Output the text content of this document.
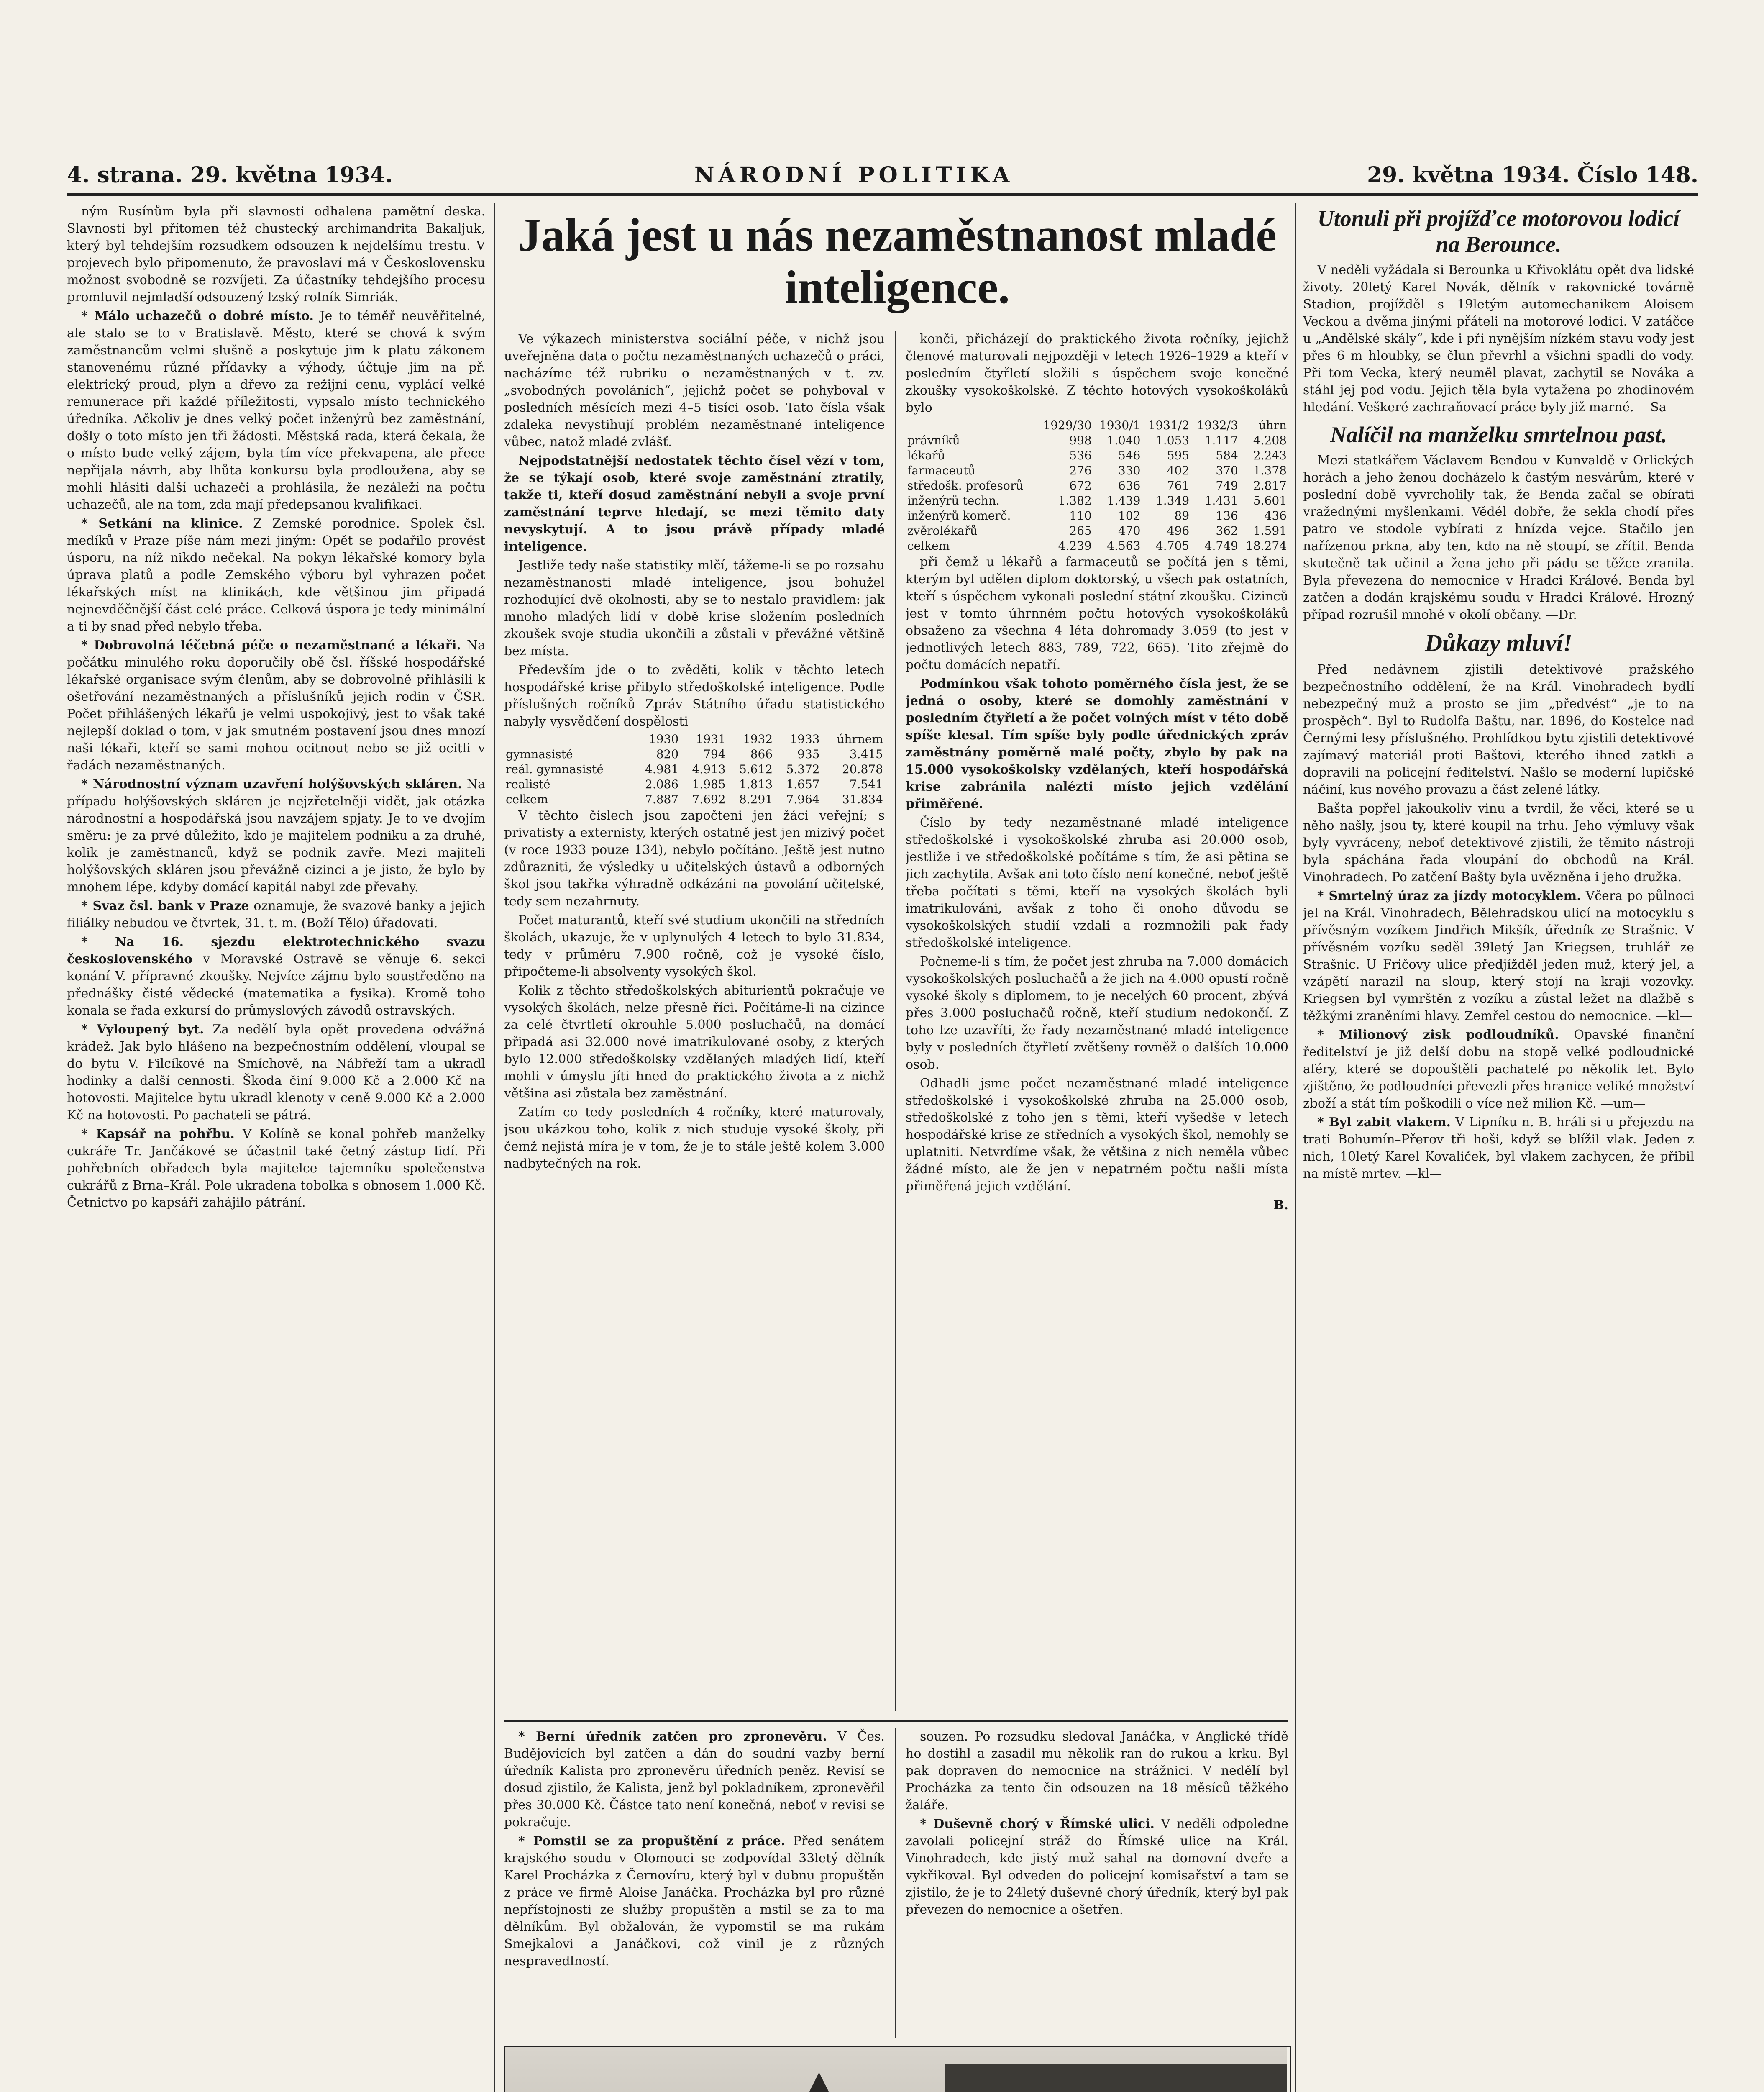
4. strana. 29. května 1934.	NÁRODNÍ POLITIKA	29. května 1934. Číslo 148.

ným Rusínům byla při slavnosti odhalena pamětní deska. Slavnosti byl přítomen též chustecký archimandrita Bakaljuk, který byl tehdejším rozsudkem odsouzen k nejdelšímu trestu. V projevech bylo připomenuto, že pravoslaví má v Československu možnost svobodně se rozvíjeti. Za účastníky tehdejšího procesu promluvil nejmladší odsouzený lzský rolník Simriák.

* Málo uchazečů o dobré místo. Je to téměř neuvěřitelné, ale stalo se to v Bratislavě. Město, které se chová k svým zaměstnancům velmi slušně a poskytuje jim k platu zákonem stanovenému různé přídavky a výhody, účtuje jim na př. elektrický proud, plyn a dřevo za režijní cenu, vyplácí velké remunerace při každé příležitosti, vypsalo místo technického úředníka. Ačkoliv je dnes velký počet inženýrů bez zaměstnání, došly o toto místo jen tři žádosti. Městská rada, která čekala, že o místo bude velký zájem, byla tím více překvapena, ale přece nepřijala návrh, aby lhůta konkursu byla prodloužena, aby se mohli hlásiti další uchazeči a prohlásila, že nezáleží na počtu uchazečů, ale na tom, zda mají předepsanou kvalifikaci.

* Setkání na klinice. Z Zemské porodnice. Spolek čsl. medíků v Praze píše nám mezi jiným: Opět se podařilo provést úsporu, na níž nikdo nečekal. Na pokyn lékařské komory byla úprava platů a podle Zemského výboru byl vyhrazen počet lékařských míst na klinikách, kde většinou jim připadá nejnevděčnější část celé práce. Celková úspora je tedy minimální a ti by snad před nebylo třeba.

* Dobrovolná léčebná péče o nezaměstnané a lékaři. Na počátku minulého roku doporučily obě čsl. říšské hospodářské lékařské organisace svým členům, aby se dobrovolně přihlásili k ošetřování nezaměstnaných a příslušníků jejich rodin v ČSR. Počet přihlášených lékařů je velmi uspokojivý, jest to však také nejlepší doklad o tom, v jak smutném postavení jsou dnes mnozí naši lékaři, kteří se sami mohou ocitnout nebo se již ocitli v řadách nezaměstnaných.

* Národnostní význam uzavření holýšovských skláren. Na případu holýšovských skláren je nejzřetelněji vidět, jak otázka národnostní a hospodářská jsou navzájem spjaty. Je to ve dvojím směru: je za prvé důležito, kdo je majitelem podniku a za druhé, kolik je zaměstnanců, když se podnik zavře. Mezi majiteli holýšovských skláren jsou převážně cizinci a je jisto, že bylo by mnohem lépe, kdyby domácí kapitál nabyl zde převahy.

* Svaz čsl. bank v Praze oznamuje, že svazové banky a jejich filiálky nebudou ve čtvrtek, 31. t. m. (Boží Tělo) úřadovati.

* Na 16. sjezdu elektrotechnického svazu československého v Moravské Ostravě se věnuje 6. sekci konání V. přípravné zkoušky. Nejvíce zájmu bylo soustředěno na přednášky čisté vědecké (matematika a fysika). Kromě toho konala se řada exkursí do průmyslových závodů ostravských.

* Vyloupený byt. Za nedělí byla opět provedena odvážná krádež. Jak bylo hlášeno na bezpečnostním oddělení, vloupal se do bytu V. Filcíkové na Smíchově, na Nábřeží tam a ukradl hodinky a další cennosti. Škoda činí 9.000 Kč a 2.000 Kč na hotovosti. Majitelce bytu ukradl klenoty v ceně 9.000 Kč a 2.000 Kč na hotovosti. Po pachateli se pátrá.

* Kapsář na pohřbu. V Kolíně se konal pohřeb manželky cukráře Tr. Jančákové se účastnil také četný zástup lidí. Při pohřebních obřadech byla majitelce tajemníku společenstva cukrářů z Brna–Král. Pole ukradena tobolka s obnosem 1.000 Kč. Četnictvo po kapsáři zahájilo pátrání.

Jaká jest u nás nezaměstnanost mladé inteligence.

Ve výkazech ministerstva sociální péče, v nichž jsou uveřejněna data o počtu nezaměstnaných uchazečů o práci, nacházíme též rubriku o nezaměstnaných v t. zv. „svobodných povoláních“, jejichž počet se pohyboval v posledních měsících mezi 4–5 tisíci osob. Tato čísla však zdaleka nevystihují problém nezaměstnané inteligence vůbec, natož mladé zvlášť.

Nejpodstatnější nedostatek těchto čísel vězí v tom, že se týkají osob, které svoje zaměstnání ztratily, takže ti, kteří dosud zaměstnání nebyli a svoje první zaměstnání teprve hledají, se mezi těmito daty nevyskytují. A to jsou právě případy mladé inteligence.

Jestliže tedy naše statistiky mlčí, tážeme-li se po rozsahu nezaměstnanosti mladé inteligence, jsou bohužel rozhodující dvě okolnosti, aby se to nestalo pravidlem: jak mnoho mladých lidí v době krise složením posledních zkoušek svoje studia ukončili a zůstali v převážné většině bez místa.

Především jde o to zvěděti, kolik v těchto letech hospodářské krise přibylo středoškolské inteligence. Podle příslušných ročníků Zpráv Státního úřadu statistického nabyly vysvědčení dospělosti

	1930	1931	1932	1933	úhrnem
gymnasisté	820	794	866	935	3.415
reál. gymnasisté	4.981	4.913	5.612	5.372	20.878
realisté	2.086	1.985	1.813	1.657	7.541
celkem	7.887	7.692	8.291	7.964	31.834

V těchto číslech jsou započteni jen žáci veřejní; s privatisty a externisty, kterých ostatně jest jen mizivý počet (v roce 1933 pouze 134), nebylo počítáno. Ještě jest nutno zdůrazniti, že výsledky u učitelských ústavů a odborných škol jsou takřka výhradně odkázáni na povolání učitelské, tedy sem nezahrnuty.

Počet maturantů, kteří své studium ukončili na středních školách, ukazuje, že v uplynulých 4 letech to bylo 31.834, tedy v průměru 7.900 ročně, což je vysoké číslo, připočteme-li absolventy vysokých škol.

Kolik z těchto středoškolských abiturientů pokračuje ve vysokých školách, nelze přesně říci. Počítáme-li na cizince za celé čtvrtletí okrouhle 5.000 posluchačů, na domácí připadá asi 32.000 nové imatrikulované osoby, z kterých bylo 12.000 středoškolsky vzdělaných mladých lidí, kteří mohli v úmyslu jíti hned do praktického života a z nichž většina asi zůstala bez zaměstnání.

Zatím co tedy posledních 4 ročníky, které maturovaly, jsou ukázkou toho, kolik z nich studuje vysoké školy, při čemž nejistá míra je v tom, že je to stále ještě kolem 3.000 nadbytečných na rok.

konči, přicházejí do praktického života ročníky, jejichž členové maturovali nejpozději v letech 1926–1929 a kteří v posledním čtyřletí složili s úspěchem svoje konečné zkoušky vysokoškolské. Z těchto hotových vysokoškoláků bylo

	1929/30	1930/1	1931/2	1932/3	úhrn
právníků	998	1.040	1.053	1.117	4.208
lékařů	536	546	595	584	2.243
farmaceutů	276	330	402	370	1.378
středošk. profesorů	672	636	761	749	2.817
inženýrů techn.	1.382	1.439	1.349	1.431	5.601
inženýrů komerč.	110	102	89	136	436
zvěrolékařů	265	470	496	362	1.591
celkem	4.239	4.563	4.705	4.749	18.274

při čemž u lékařů a farmaceutů se počítá jen s těmi, kterým byl udělen diplom doktorský, u všech pak ostatních, kteří s úspěchem vykonali poslední státní zkoušku. Cizinců jest v tomto úhrnném počtu hotových vysokoškoláků obsaženo za všechna 4 léta dohromady 3.059 (to jest v jednotlivých letech 883, 789, 722, 665). Tito zřejmě do počtu domácích nepatří.

Podmínkou však tohoto poměrného čísla jest, že se jedná o osoby, které se domohly zaměstnání v posledním čtyřletí a že počet volných míst v této době spíše klesal. Tím spíše byly podle úřednických zpráv zaměstnány poměrně malé počty, zbylo by pak na 15.000 vysokoškolsky vzdělaných, kteří hospodářská krise zabránila nalézti místo jejich vzdělání přiměřené.

Číslo by tedy nezaměstnané mladé inteligence středoškolské i vysokoškolské zhruba asi 20.000 osob, jestliže i ve středoškolské počítáme s tím, že asi pětina se jich zachytila. Avšak ani toto číslo není konečné, neboť ještě třeba počítati s těmi, kteří na vysokých školách byli imatrikulováni, avšak z toho či onoho důvodu se vysokoškolských studií vzdali a rozmnožili pak řady středoškolské inteligence.

Počneme-li s tím, že počet jest zhruba na 7.000 domácích vysokoškolských posluchačů a že jich na 4.000 opustí ročně vysoké školy s diplomem, to je necelých 60 procent, zbývá přes 3.000 posluchačů ročně, kteří studium nedokončí. Z toho lze uzavříti, že řady nezaměstnané mladé inteligence byly v posledních čtyřletí zvětšeny rovněž o dalších 10.000 osob.

Odhadli jsme počet nezaměstnané mladé inteligence středoškolské i vysokoškolské zhruba na 25.000 osob, středoškolské z toho jen s těmi, kteří vyšedše v letech hospodářské krise ze středních a vysokých škol, nemohly se uplatniti. Netvrdíme však, že většina z nich neměla vůbec žádné místo, ale že jen v nepatrném počtu našli místa přiměřená jejich vzdělání.

B.

* Berní úředník zatčen pro zpronevěru. V Čes. Budějovicích byl zatčen a dán do soudní vazby berní úředník Kalista pro zpronevěru úředních peněz. Revisí se dosud zjistilo, že Kalista, jenž byl pokladníkem, zpronevěřil přes 30.000 Kč. Částce tato není konečná, neboť v revisi se pokračuje.

* Pomstil se za propuštění z práce. Před senátem krajského soudu v Olomouci se zodpovídal 33letý dělník Karel Procházka z Černovíru, který byl v dubnu propuštěn z práce ve firmě Aloise Janáčka. Procházka byl pro různé nepřístojnosti ze služby propuštěn a mstil se za to ma dělníkům. Byl obžalován, že vypomstil se ma rukám Smejkalovi a Janáčkovi, což vinil je z různých nespravedlností.

souzen. Po rozsudku sledoval Janáčka, v Anglické třídě ho dostihl a zasadil mu několik ran do rukou a krku. Byl pak dopraven do nemocnice na strážnici. V nedělí byl Procházka za tento čin odsouzen na 18 měsíců těžkého žaláře.

* Duševně chorý v Římské ulici. V neděli odpoledne zavolali policejní stráž do Římské ulice na Král. Vinohradech, kde jistý muž sahal na domovní dveře a vykřikoval. Byl odveden do policejní komisařství a tam se zjistilo, že je to 24letý duševně chorý úředník, který byl pak převezen do nemocnice a ošetřen.

Utonuli při projížďce motorovou lodicí na Berounce.

V neděli vyžádala si Berounka u Křivoklátu opět dva lidské životy. 20letý Karel Novák, dělník v rakovnické továrně Stadion, projížděl s 19letým automechanikem Aloisem Veckou a dvěma jinými přáteli na motorové lodici. V zatáčce u „Andělské skály“, kde i při nynějším nízkém stavu vody jest přes 6 m hloubky, se člun převrhl a všichni spadli do vody. Při tom Vecka, který neuměl plavat, zachytil se Nováka a stáhl jej pod vodu. Jejich těla byla vytažena po zhodinovém hledání. Veškeré zachraňovací práce byly již marné. —Sa—

Nalíčil na manželku smrtelnou past.

Mezi statkářem Václavem Bendou v Kunvaldě v Orlických horách a jeho ženou docházelo k častým nesvárům, které v poslední době vyvrcholily tak, že Benda začal se obírati vražednými myšlenkami. Vědél dobře, že sekla chodí přes patro ve stodole vybírati z hnízda vejce. Stačilo jen nařízenou prkna, aby ten, kdo na ně stoupí, se zřítil. Benda skutečně tak učinil a žena jeho při pádu se těžce zranila. Byla převezena do nemocnice v Hradci Králové. Benda byl zatčen a dodán krajskému soudu v Hradci Králové. Hrozný případ rozrušil mnohé v okolí občany. —Dr.

Důkazy mluví!

Před nedávnem zjistili detektivové pražského bezpečnostního oddělení, že na Král. Vinohradech bydlí nebezpečný muž a prosto se jim „předvést“ „je to na prospěch“. Byl to Rudolfa Baštu, nar. 1896, do Kostelce nad Černými lesy příslušného. Prohlídkou bytu zjistili detektivové zajímavý materiál proti Baštovi, kterého ihned zatkli a dopravili na policejní ředitelství. Našlo se moderní lupičské náčiní, kus nového provazu a část zelené látky.

Bašta popřel jakoukoliv vinu a tvrdil, že věci, které se u něho našly, jsou ty, které koupil na trhu. Jeho výmluvy však byly vyvráceny, neboť detektivové zjistili, že těmito nástroji byla spáchána řada vloupání do obchodů na Král. Vinohradech. Po zatčení Bašty byla uvězněna i jeho družka.

* Smrtelný úraz za jízdy motocyklem. Včera po půlnoci jel na Král. Vinohradech, Bělehradskou ulicí na motocyklu s přívěsným vozíkem Jindřich Mikšík, úředník ze Strašnic. V přívěsném vozíku seděl 39letý Jan Kriegsen, truhlář ze Strašnic. U Fričovy ulice předjížděl jeden muž, který jel, a vzápětí narazil na sloup, který stojí na kraji vozovky. Kriegsen byl vymrštěn z vozíku a zůstal ležet na dlažbě s těžkými zraněními hlavy. Zemřel cestou do nemocnice. —kl—

* Milionový zisk podloudníků. Opavské finanční ředitelství je již delší dobu na stopě velké podloudnické aféry, které se dopouštěli pachatelé po několik let. Bylo zjištěno, že podloudníci převezli přes hranice veliké množství zboží a stát tím poškodili o více než milion Kč. —um—

* Byl zabit vlakem. V Lipníku n. B. hráli si u přejezdu na trati Bohumín–Přerov tři hoši, když se blížil vlak. Jeden z nich, 10letý Karel Kovaliček, byl vlakem zachycen, že přibil na místě mrtev. —kl—
